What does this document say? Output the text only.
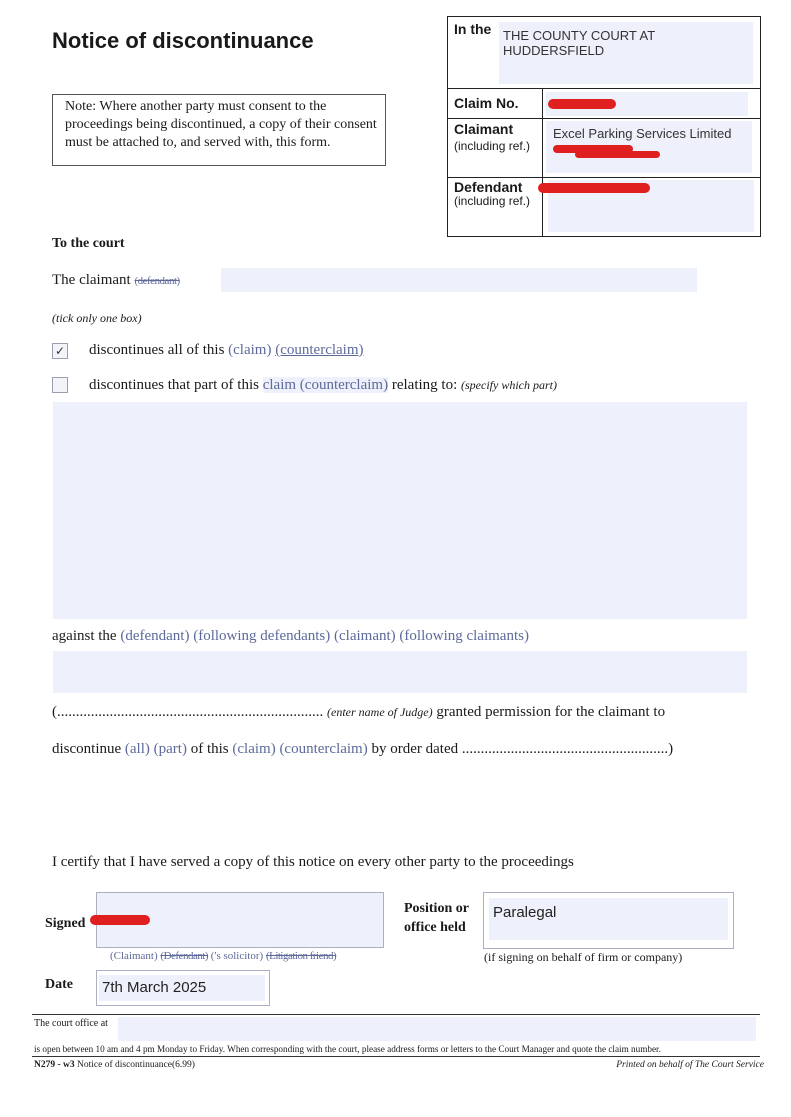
Notice of discontinuance
Note: Where another party must consent to the proceedings being discontinued, a copy of their consent must be attached to, and served with, this form.
In the THE COUNTY COURT AT HUDDERSFIELD
Claim No.
Claimant
(including ref.)
Excel Parking Services Limited
Defendant
(including ref.)
To the court
The claimant (defendant)
(tick only one box)
✓ discontinues all of this (claim) (counterclaim)
discontinues that part of this claim (counterclaim) relating to: (specify which part)
against the (defendant) (following defendants) (claimant) (following claimants)
(....................................................................... (enter name of Judge) granted permission for the claimant to
discontinue (all) (part) of this (claim) (counterclaim) by order dated .......................................................)
I certify that I have served a copy of this notice on every other party to the proceedings
Signed
(Claimant) (Defendant) ('s solicitor) (Litigation friend)
Position or office held
Paralegal
(if signing on behalf of firm or company)
Date 7th March 2025
The court office at
is open between 10 am and 4 pm Monday to Friday. When corresponding with the court, please address forms or letters to the Court Manager and quote the claim number.
N279 - w3 Notice of discontinuance(6.99)	Printed on behalf of The Court Service
